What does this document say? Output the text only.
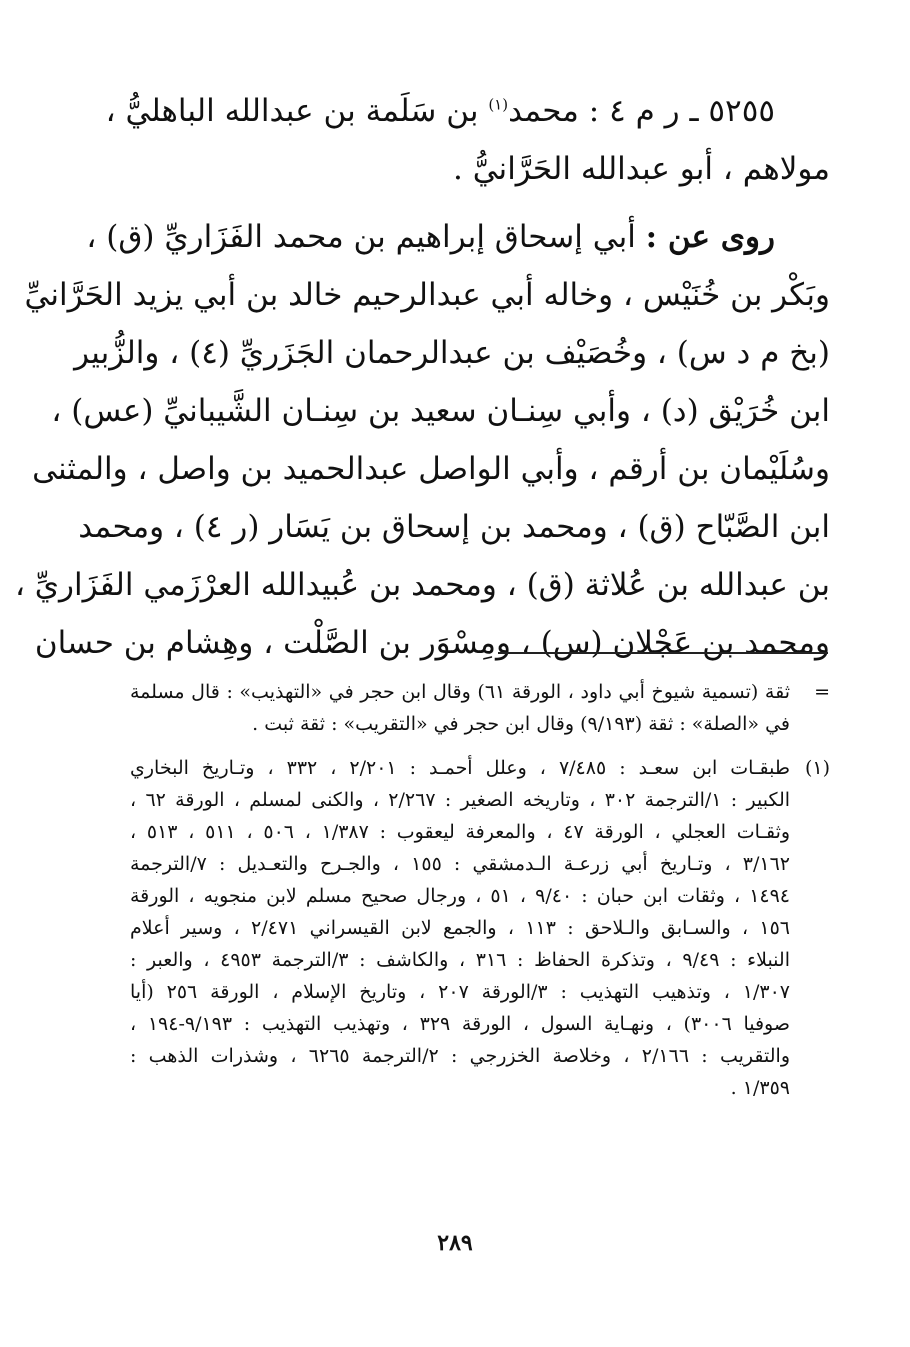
٥٢٥٥ ـ ر م ٤ : محمد$^{(١)}$ بن سَلَمة بن عبدالله الباهليُّ ،
مولاهم ، أبو عبدالله الحَرَّانيُّ .
روى عن : أبي إسحاق إبراهيم بن محمد الفَزَاريِّ (ق) ،
وبَكْر بن خُنَيْس ، وخاله أبي عبدالرحيم خالد بن أبي يزيد الحَرَّانيِّ
(بخ م د س) ، وخُصَيْف بن عبدالرحمان الجَزَريِّ (٤) ، والزُّبير
ابن خُرَيْق (د) ، وأبي سِنـان سعيد بن سِنـان الشَّيبانيِّ (عس) ،
وسُلَيْمان بن أرقم ، وأبي الواصل عبدالحميد بن واصل ، والمثنى
ابن الصَّبّاح (ق) ، ومحمد بن إسحاق بن يَسَار (ر ٤) ، ومحمد
بن عبدالله بن عُلاثة (ق) ، ومحمد بن عُبيدالله العرْزَمي الفَزَاريِّ ،
ومحمد بن عَجْلان (س) ، ومِسْوَر بن الصَّلْت ، وهِشام بن حسان
=
ثقة (تسمية شيوخ أبي داود ، الورقة ٦١) وقال ابن حجر في «التهذيب» : قال مسلمة
في «الصلة» : ثقة (٩/١٩٣) وقال ابن حجر في «التقريب» : ثقة ثبت .
(١)
طبقـات ابن سعـد : ٧/٤٨٥ ، وعلل أحمـد : ٢/٢٠١ ، ٣٣٢ ، وتـاريخ البخاري
الكبير : ١/الترجمة ٣٠٢ ، وتاريخه الصغير : ٢/٢٦٧ ، والكنى لمسلم ، الورقة ٦٢ ،
وثقـات العجلي ، الورقة ٤٧ ، والمعرفة ليعقوب : ١/٣٨٧ ، ٥٠٦ ، ٥١١ ، ٥١٣ ،
٣/١٦٢ ، وتـاريخ أبي زرعـة الـدمشقي : ١٥٥ ، والجـرح والتعـديل : ٧/الترجمة
١٤٩٤ ، وثقات ابن حبان : ٩/٤٠ ، ٥١ ، ورجال صحيح مسلم لابن منجويه ، الورقة
١٥٦ ، والسـابق والـلاحق : ١١٣ ، والجمع لابن القيسراني ٢/٤٧١ ، وسير أعلام
النبلاء : ٩/٤٩ ، وتذكرة الحفاظ : ٣١٦ ، والكاشف : ٣/الترجمة ٤٩٥٣ ، والعبر :
١/٣٠٧ ، وتذهيب التهذيب : ٣/الورقة ٢٠٧ ، وتاريخ الإسلام ، الورقة ٢٥٦ (أيا
صوفيا ٣٠٠٦) ، ونهـاية السول ، الورقة ٣٢٩ ، وتهذيب التهذيب : ٩/١٩٣-١٩٤ ،
والتقريب : ٢/١٦٦ ، وخلاصة الخزرجي : ٢/الترجمة ٦٢٦٥ ، وشذرات الذهب :
١/٣٥٩ .
٢٨٩
